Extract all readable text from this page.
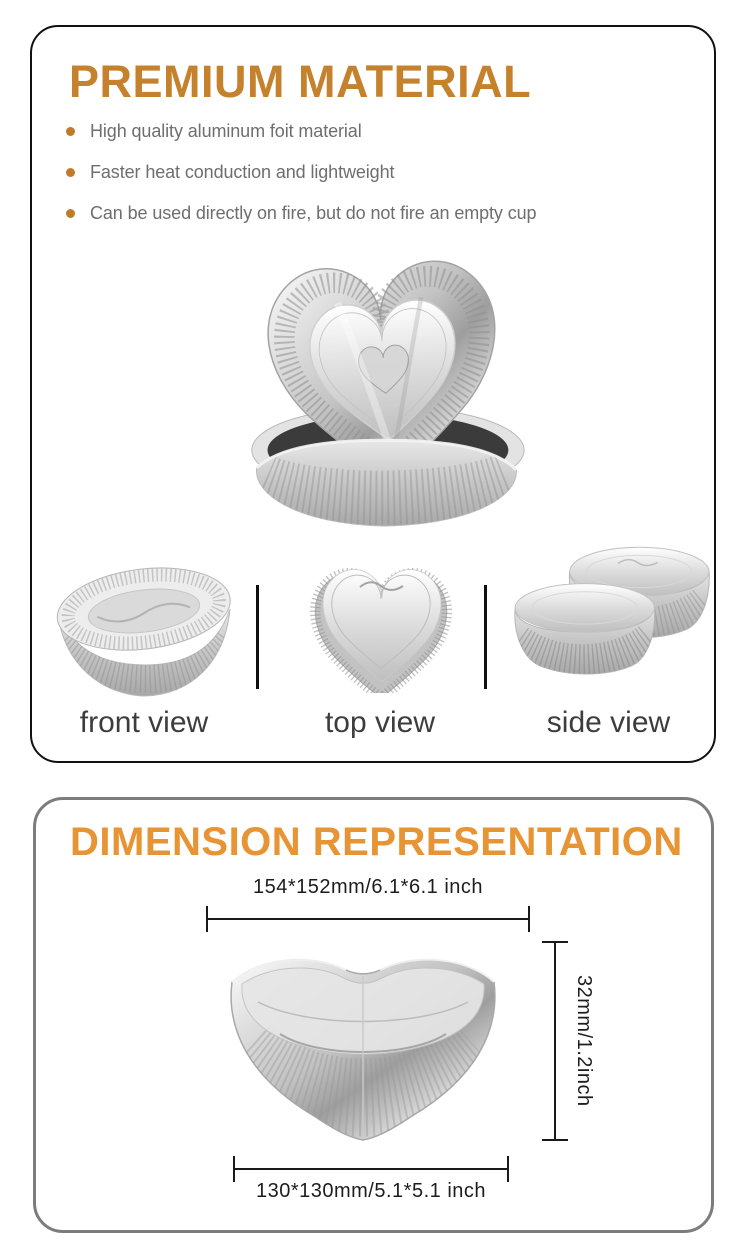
PREMIUM MATERIAL
High quality aluminum foit material
Faster heat conduction and lightweight
Can be used directly on fire, but do not fire an empty cup
front view	top view	side view
DIMENSION REPRESENTATION
154*152mm/6.1*6.1 inch
32mm/1.2inch
130*130mm/5.1*5.1 inch
